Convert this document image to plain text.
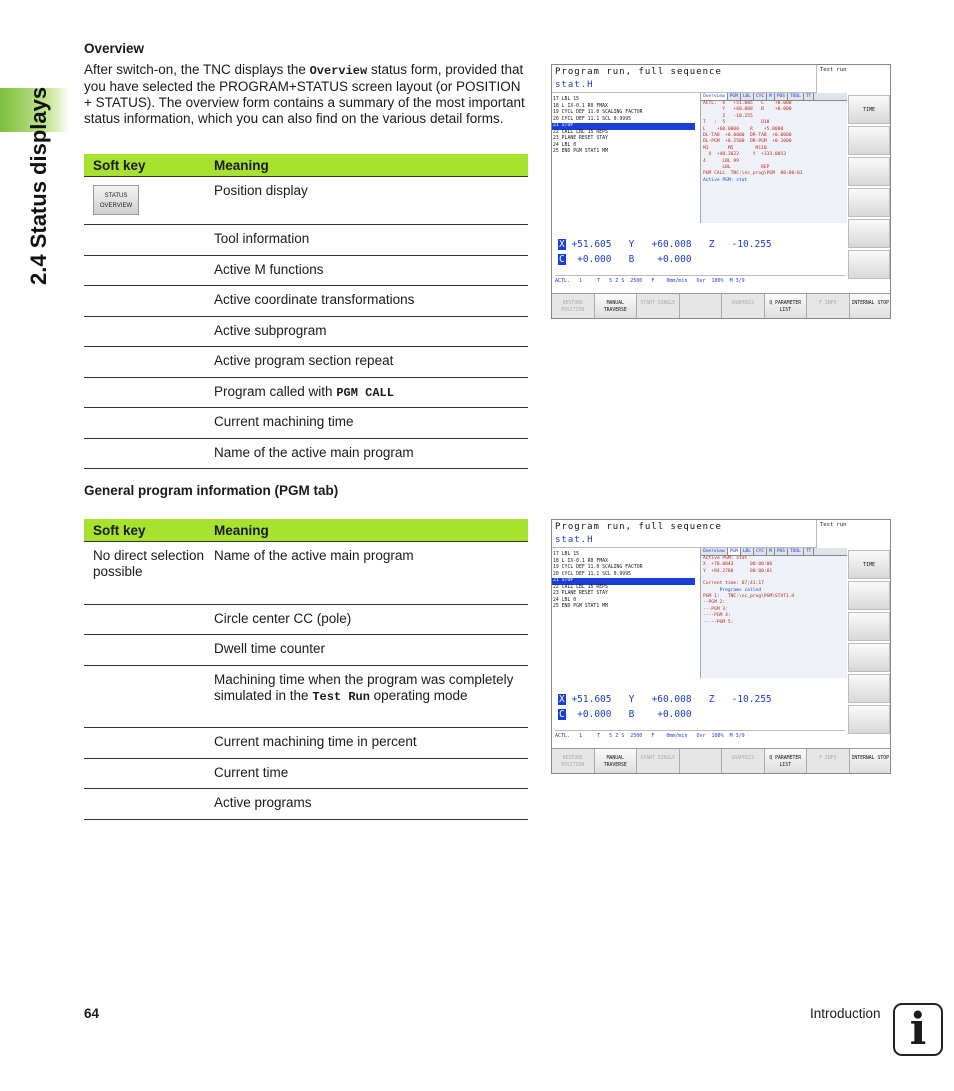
2.4 Status displays
Overview
After switch-on, the TNC displays the Overview status form, provided that you have selected the PROGRAM+STATUS screen layout (or POSITION + STATUS). The overview form contains a summary of the most important status information, which you can also find on the various detail forms.
Soft key	Meaning
STATUS
OVERVIEW	Position display
	Tool information
	Active M functions
	Active coordinate transformations
	Active subprogram
	Active program section repeat
	Program called with PGM CALL
	Current machining time
	Name of the active main program
General program information (PGM tab)
Soft key	Meaning
No direct selection possible	Name of the active main program
	Circle center CC (pole)
	Dwell time counter
	Machining time when the program was completely simulated in the Test Run operating mode
	Current machining time in percent
	Current time
	Active programs
Program run, full sequence
stat.H
Test run
17 LBL 15
18 L IX-0.1 R0 FMAX
19 CYCL DEF 11.0 SCALING FACTOR
20 CYCL DEF 11.1 SCL 0.9995
21 STOP
22 CALL LBL 15 REPS
23 PLANE RESET STAY
24 LBL 0
25 END PGM STAT1 MM
Overview	PGM	LBL	CYC	M	POS	TOOL	TT
ACTL.  X   +51.605   C    +0.000
Y   +60.008   B    +0.000
Z   -10.255
T   :  5             D10
L    +60.0000    R    +5.0000
DL-TAB  +0.0000  DR-TAB  +0.0000
DL-PGM  +0.2500  DR-PGM  +0.1000
M3       M5        M110
X  +48.3622     Y  +133.0053
4      LBL 99
LBL           REP
PGM CALL  TNC:\nc_prog\PGM  00:00:01
Active PGM: stat
TIME
X +51.605   Y   +60.008   Z   -10.255
C  +0.000   B    +0.000
ACTL.   1     T   5 Z S  2500   F    0mm/min   Ovr  100%  M 3/9
RESTORE POSITION
MANUAL TRAVERSE
START SINGLE	GRAPHICS	Q PARAMETER LIST
F INFO	INTERNAL STOP
Program run, full sequence
stat.H
Test run
17 LBL 15
18 L IX-0.1 R0 FMAX
19 CYCL DEF 11.0 SCALING FACTOR
20 CYCL DEF 11.1 SCL 0.9995
21 STOP
22 CALL LBL 15 REPS
23 PLANE RESET STAY
24 LBL 0
25 END PGM STAT1 MM
Overview	PGM	LBL	CYC	M	POS	TOOL	TT
Active PGM: stat
X  +78.0043      00:00:00
Y  +84.2780      00:00:01
Current time: 07:41:17
Programs called
PGM 1:   TNC:\nc_prog\PGM\STAT1.H
--PGM 2:
---PGM 3:
----PGM 4:
-----PGM 5:
TIME
X +51.605   Y   +60.008   Z   -10.255
C  +0.000   B    +0.000
ACTL.   1     T   5 Z S  2500   F    0mm/min   Ovr  100%  M 3/9
RESTORE POSITION
MANUAL TRAVERSE
START SINGLE	GRAPHICS	Q PARAMETER LIST
F INFO	INTERNAL STOP
64	Introduction i
